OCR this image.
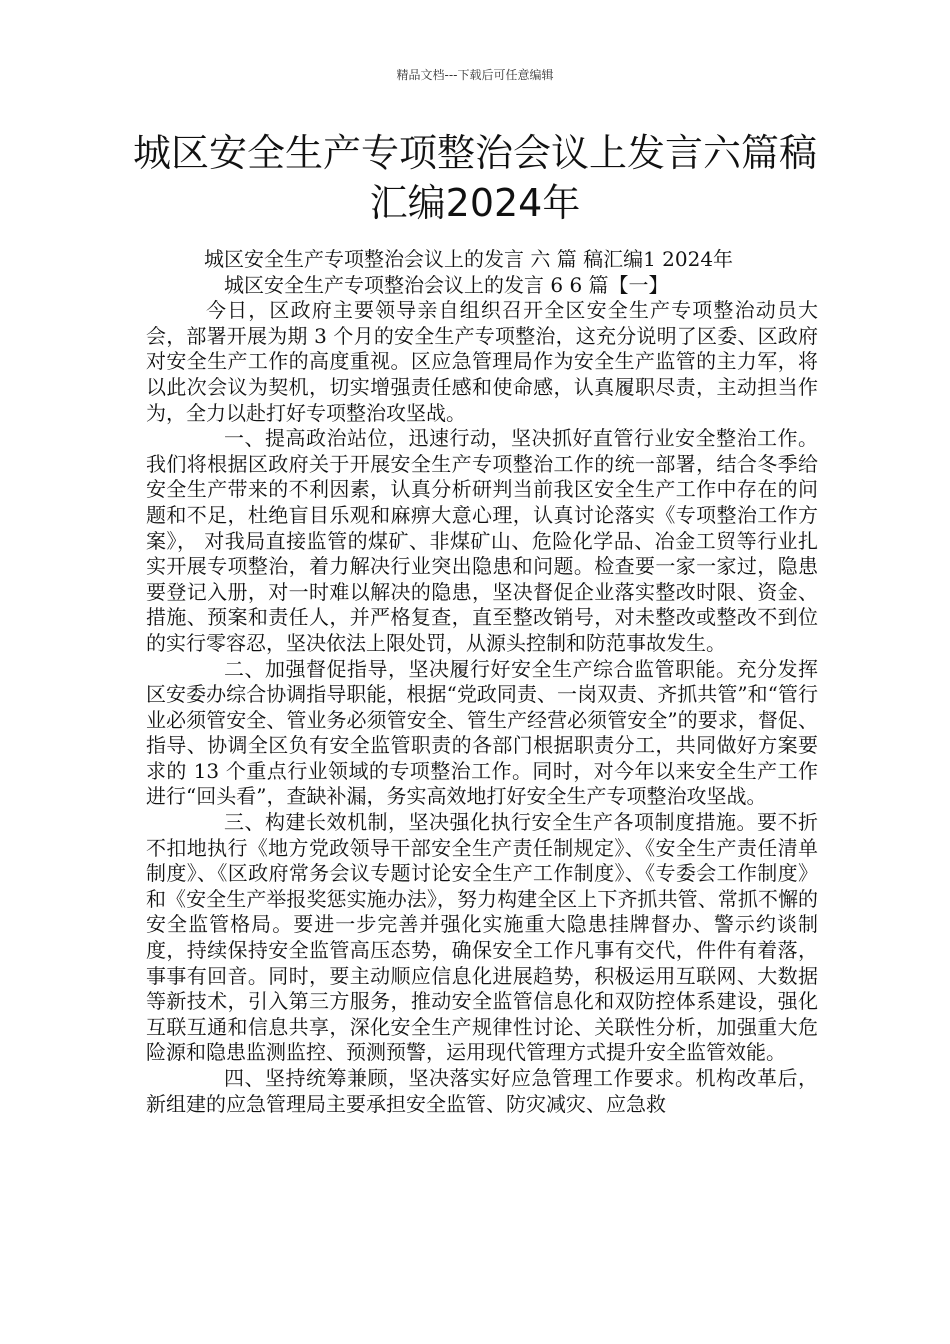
精品文档---下载后可任意编辑
城区安全生产专项整治会议上发言六篇稿汇编2024年

城区安全生产专项整治会议上的发言 六 篇 稿汇编1 2024年

城区安全生产专项整治会议上的发言 6 6 篇【一】

今日，区政府主要领导亲自组织召开全区安全生产专项整治动员大会，部署开展为期 3 个月的安全生产专项整治，这充分说明了区委、区政府对安全生产工作的高度重视。区应急管理局作为安全生产监管的主力军，将以此次会议为契机，切实增强责任感和使命感，认真履职尽责，主动担当作为，全力以赴打好专项整治攻坚战。

一、提高政治站位，迅速行动，坚决抓好直管行业安全整治工作。我们将根据区政府关于开展安全生产专项整治工作的统一部署，结合冬季给安全生产带来的不利因素，认真分析研判当前我区安全生产工作中存在的问题和不足，杜绝盲目乐观和麻痹大意心理，认真讨论落实《专项整治工作方案》， 对我局直接监管的煤矿、非煤矿山、危险化学品、冶金工贸等行业扎实开展专项整治，着力解决行业突出隐患和问题。检查要一家一家过，隐患要登记入册，对一时难以解决的隐患，坚决督促企业落实整改时限、资金、措施、预案和责任人，并严格复查，直至整改销号，对未整改或整改不到位的实行零容忍，坚决依法上限处罚，从源头控制和防范事故发生。

二、加强督促指导，坚决履行好安全生产综合监管职能。充分发挥区安委办综合协调指导职能，根据“党政同责、一岗双责、齐抓共管”和“管行业必须管安全、管业务必须管安全、管生产经营必须管安全”的要求，督促、指导、协调全区负有安全监管职责的各部门根据职责分工，共同做好方案要求的 13 个重点行业领域的专项整治工作。同时，对今年以来安全生产工作进行“回头看”，查缺补漏，务实高效地打好安全生产专项整治攻坚战。

三、构建长效机制，坚决强化执行安全生产各项制度措施。要不折不扣地执行《地方党政领导干部安全生产责任制规定》、《安全生产责任清单制度》、《区政府常务会议专题讨论安全生产工作制度》、《专委会工作制度》和《安全生产举报奖惩实施办法》，努力构建全区上下齐抓共管、常抓不懈的安全监管格局。要进一步完善并强化实施重大隐患挂牌督办、警示约谈制度，持续保持安全监管高压态势，确保安全工作凡事有交代，件件有着落，事事有回音。同时，要主动顺应信息化进展趋势，积极运用互联网、大数据等新技术，引入第三方服务，推动安全监管信息化和双防控体系建设，强化互联互通和信息共享，深化安全生产规律性讨论、关联性分析，加强重大危险源和隐患监测监控、预测预警，运用现代管理方式提升安全监管效能。

四、坚持统筹兼顾，坚决落实好应急管理工作要求。机构改革后，新组建的应急管理局主要承担安全监管、防灾减灾、应急救
